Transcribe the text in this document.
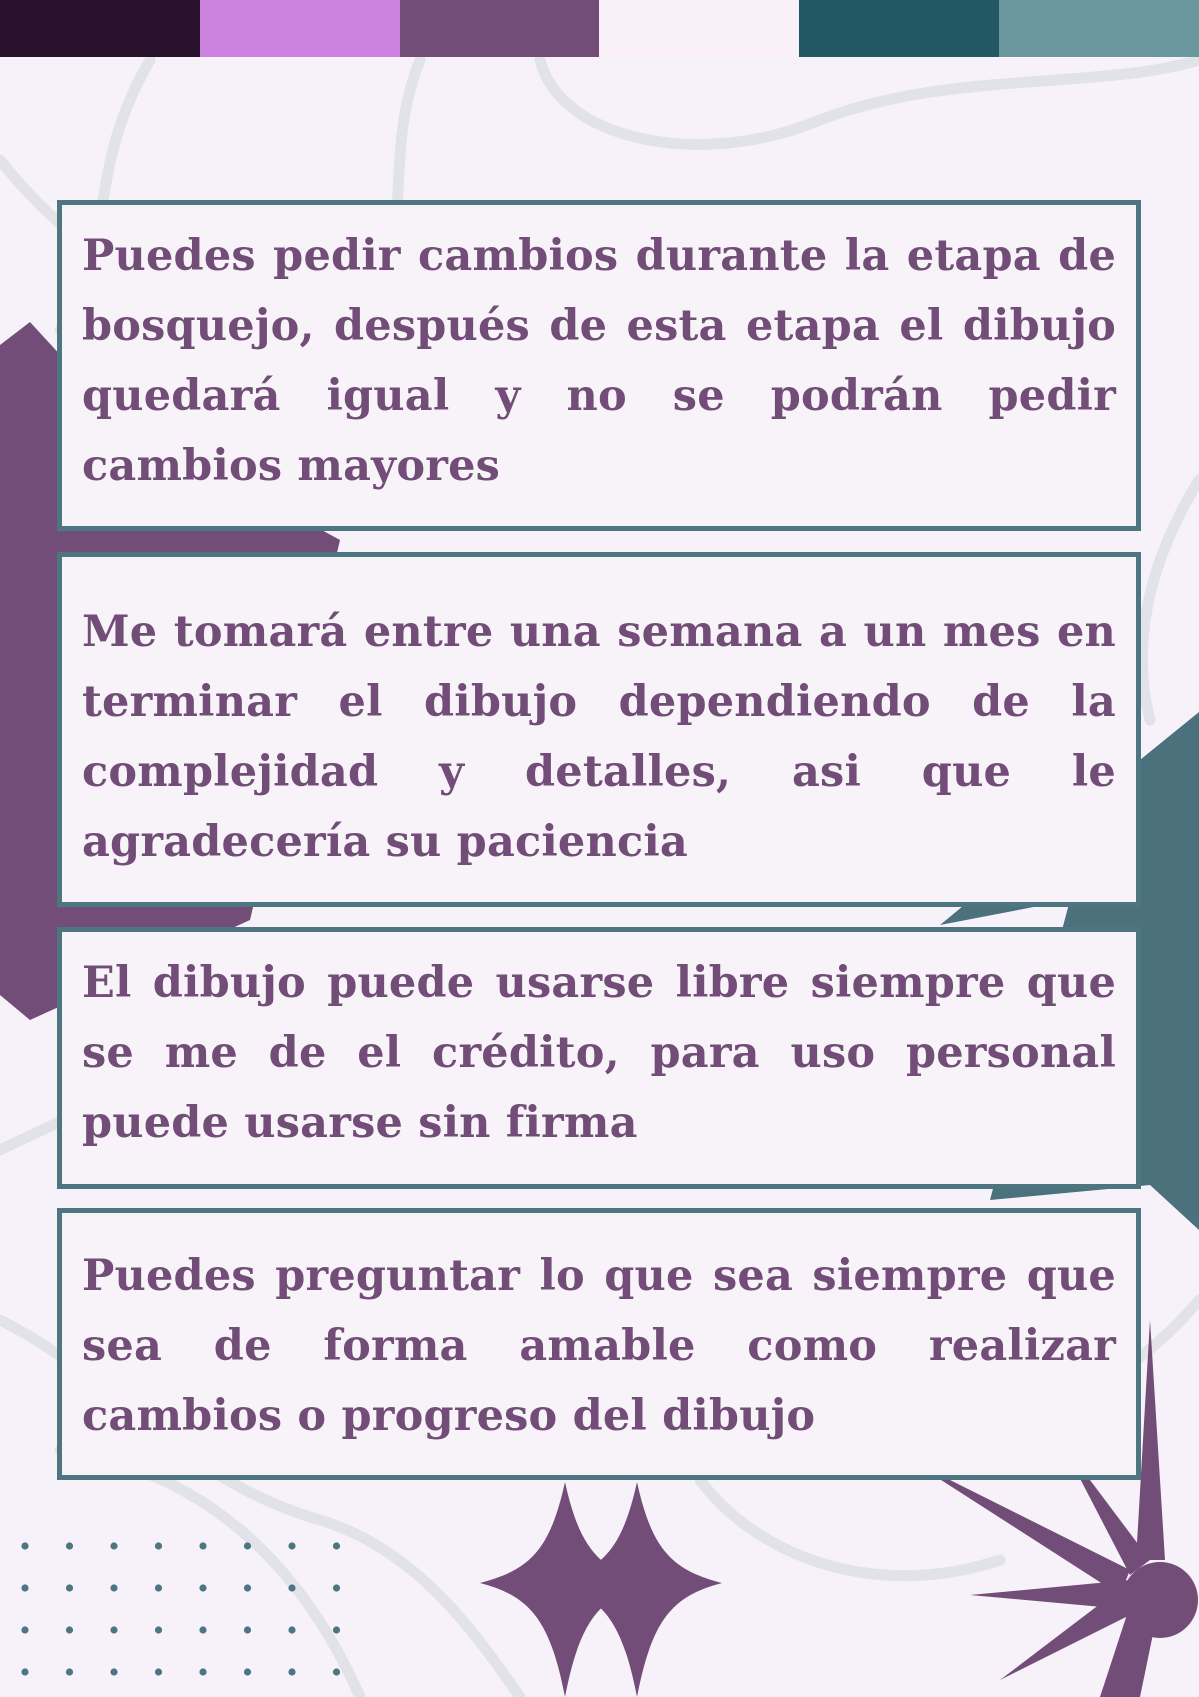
Puedes pedir cambios durante la etapa de bosquejo, después de esta etapa el dibujo quedará igual y no se podrán pedir cambios mayores
Me tomará entre una semana a un mes en terminar el dibujo dependiendo de la complejidad y detalles, asi que le agradecería su paciencia
El dibujo puede usarse libre siempre que se me de el crédito, para uso personal puede usarse sin firma
Puedes preguntar lo que sea siempre que sea de forma amable como realizar cambios o progreso del dibujo
